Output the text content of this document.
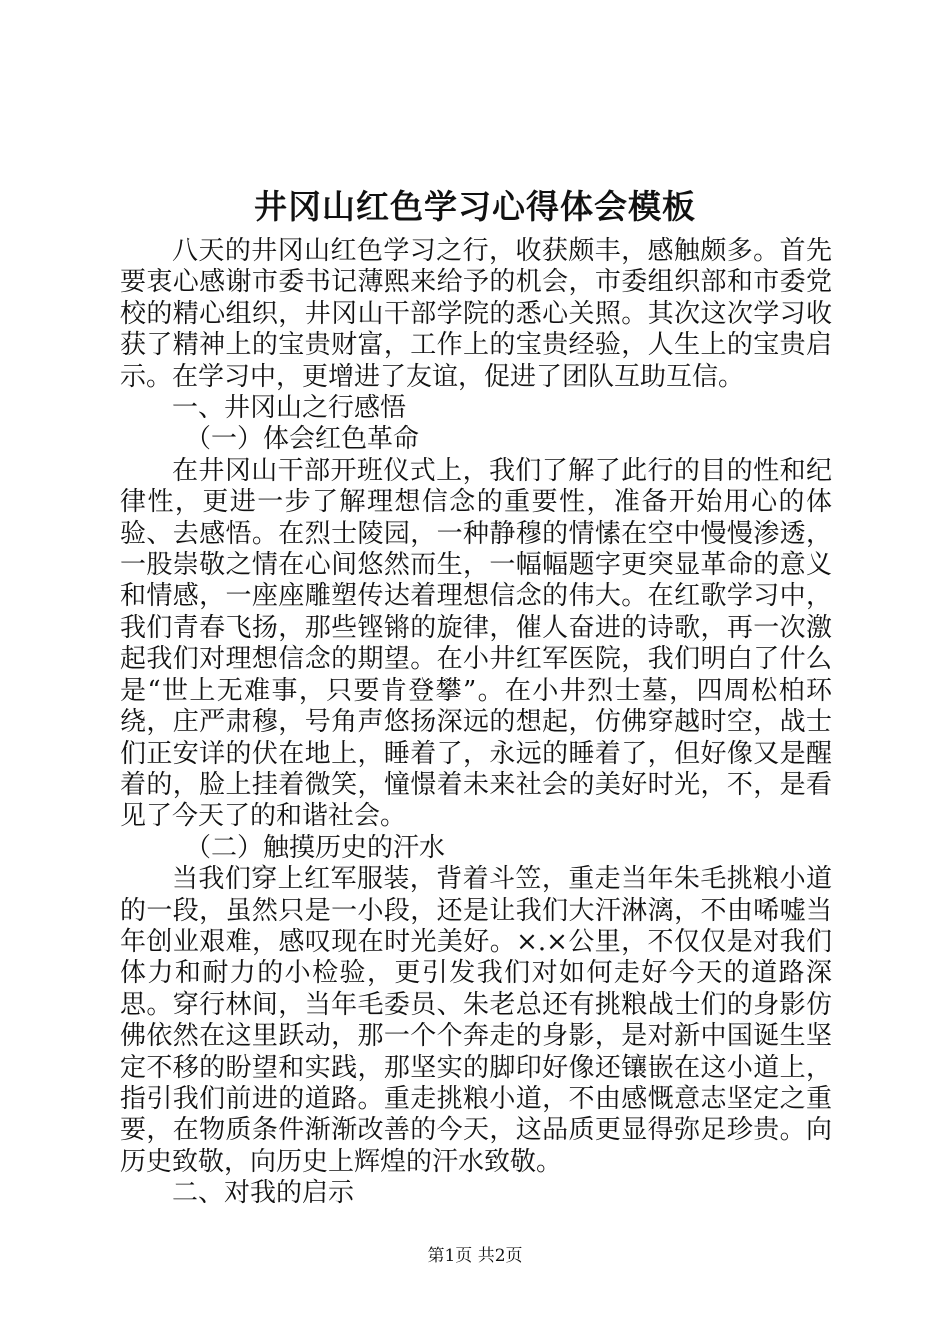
井冈山红色学习心得体会模板

八天的井冈山红色学习之行，收获颇丰，感触颇多。首先要衷心感谢市委书记薄熙来给予的机会，市委组织部和市委党校的精心组织，井冈山干部学院的悉心关照。其次这次学习收获了精神上的宝贵财富，工作上的宝贵经验，人生上的宝贵启示。在学习中，更增进了友谊，促进了团队互助互信。

一、井冈山之行感悟

（一）体会红色革命

在井冈山干部开班仪式上，我们了解了此行的目的性和纪律性，更进一步了解理想信念的重要性，准备开始用心的体验、去感悟。在烈士陵园，一种静穆的情愫在空中慢慢渗透，一股崇敬之情在心间悠然而生，一幅幅题字更突显革命的意义和情感，一座座雕塑传达着理想信念的伟大。在红歌学习中，我们青春飞扬，那些铿锵的旋律，催人奋进的诗歌，再一次激起我们对理想信念的期望。在小井红军医院，我们明白了什么是“世上无难事，只要肯登攀”。在小井烈士墓，四周松柏环绕，庄严肃穆，号角声悠扬深远的想起，仿佛穿越时空，战士们正安详的伏在地上，睡着了，永远的睡着了，但好像又是醒着的，脸上挂着微笑，憧憬着未来社会的美好时光，不，是看见了今天了的和谐社会。

（二）触摸历史的汗水

当我们穿上红军服装，背着斗笠，重走当年朱毛挑粮小道的一段，虽然只是一小段，还是让我们大汗淋漓，不由唏嘘当年创业艰难，感叹现在时光美好。×.×公里，不仅仅是对我们体力和耐力的小检验，更引发我们对如何走好今天的道路深思。穿行林间，当年毛委员、朱老总还有挑粮战士们的身影仿佛依然在这里跃动，那一个个奔走的身影，是对新中国诞生坚定不移的盼望和实践，那坚实的脚印好像还镶嵌在这小道上，指引我们前进的道路。重走挑粮小道，不由感慨意志坚定之重要，在物质条件渐渐改善的今天，这品质更显得弥足珍贵。向历史致敬，向历史上辉煌的汗水致敬。

二、对我的启示

第1页 共2页
